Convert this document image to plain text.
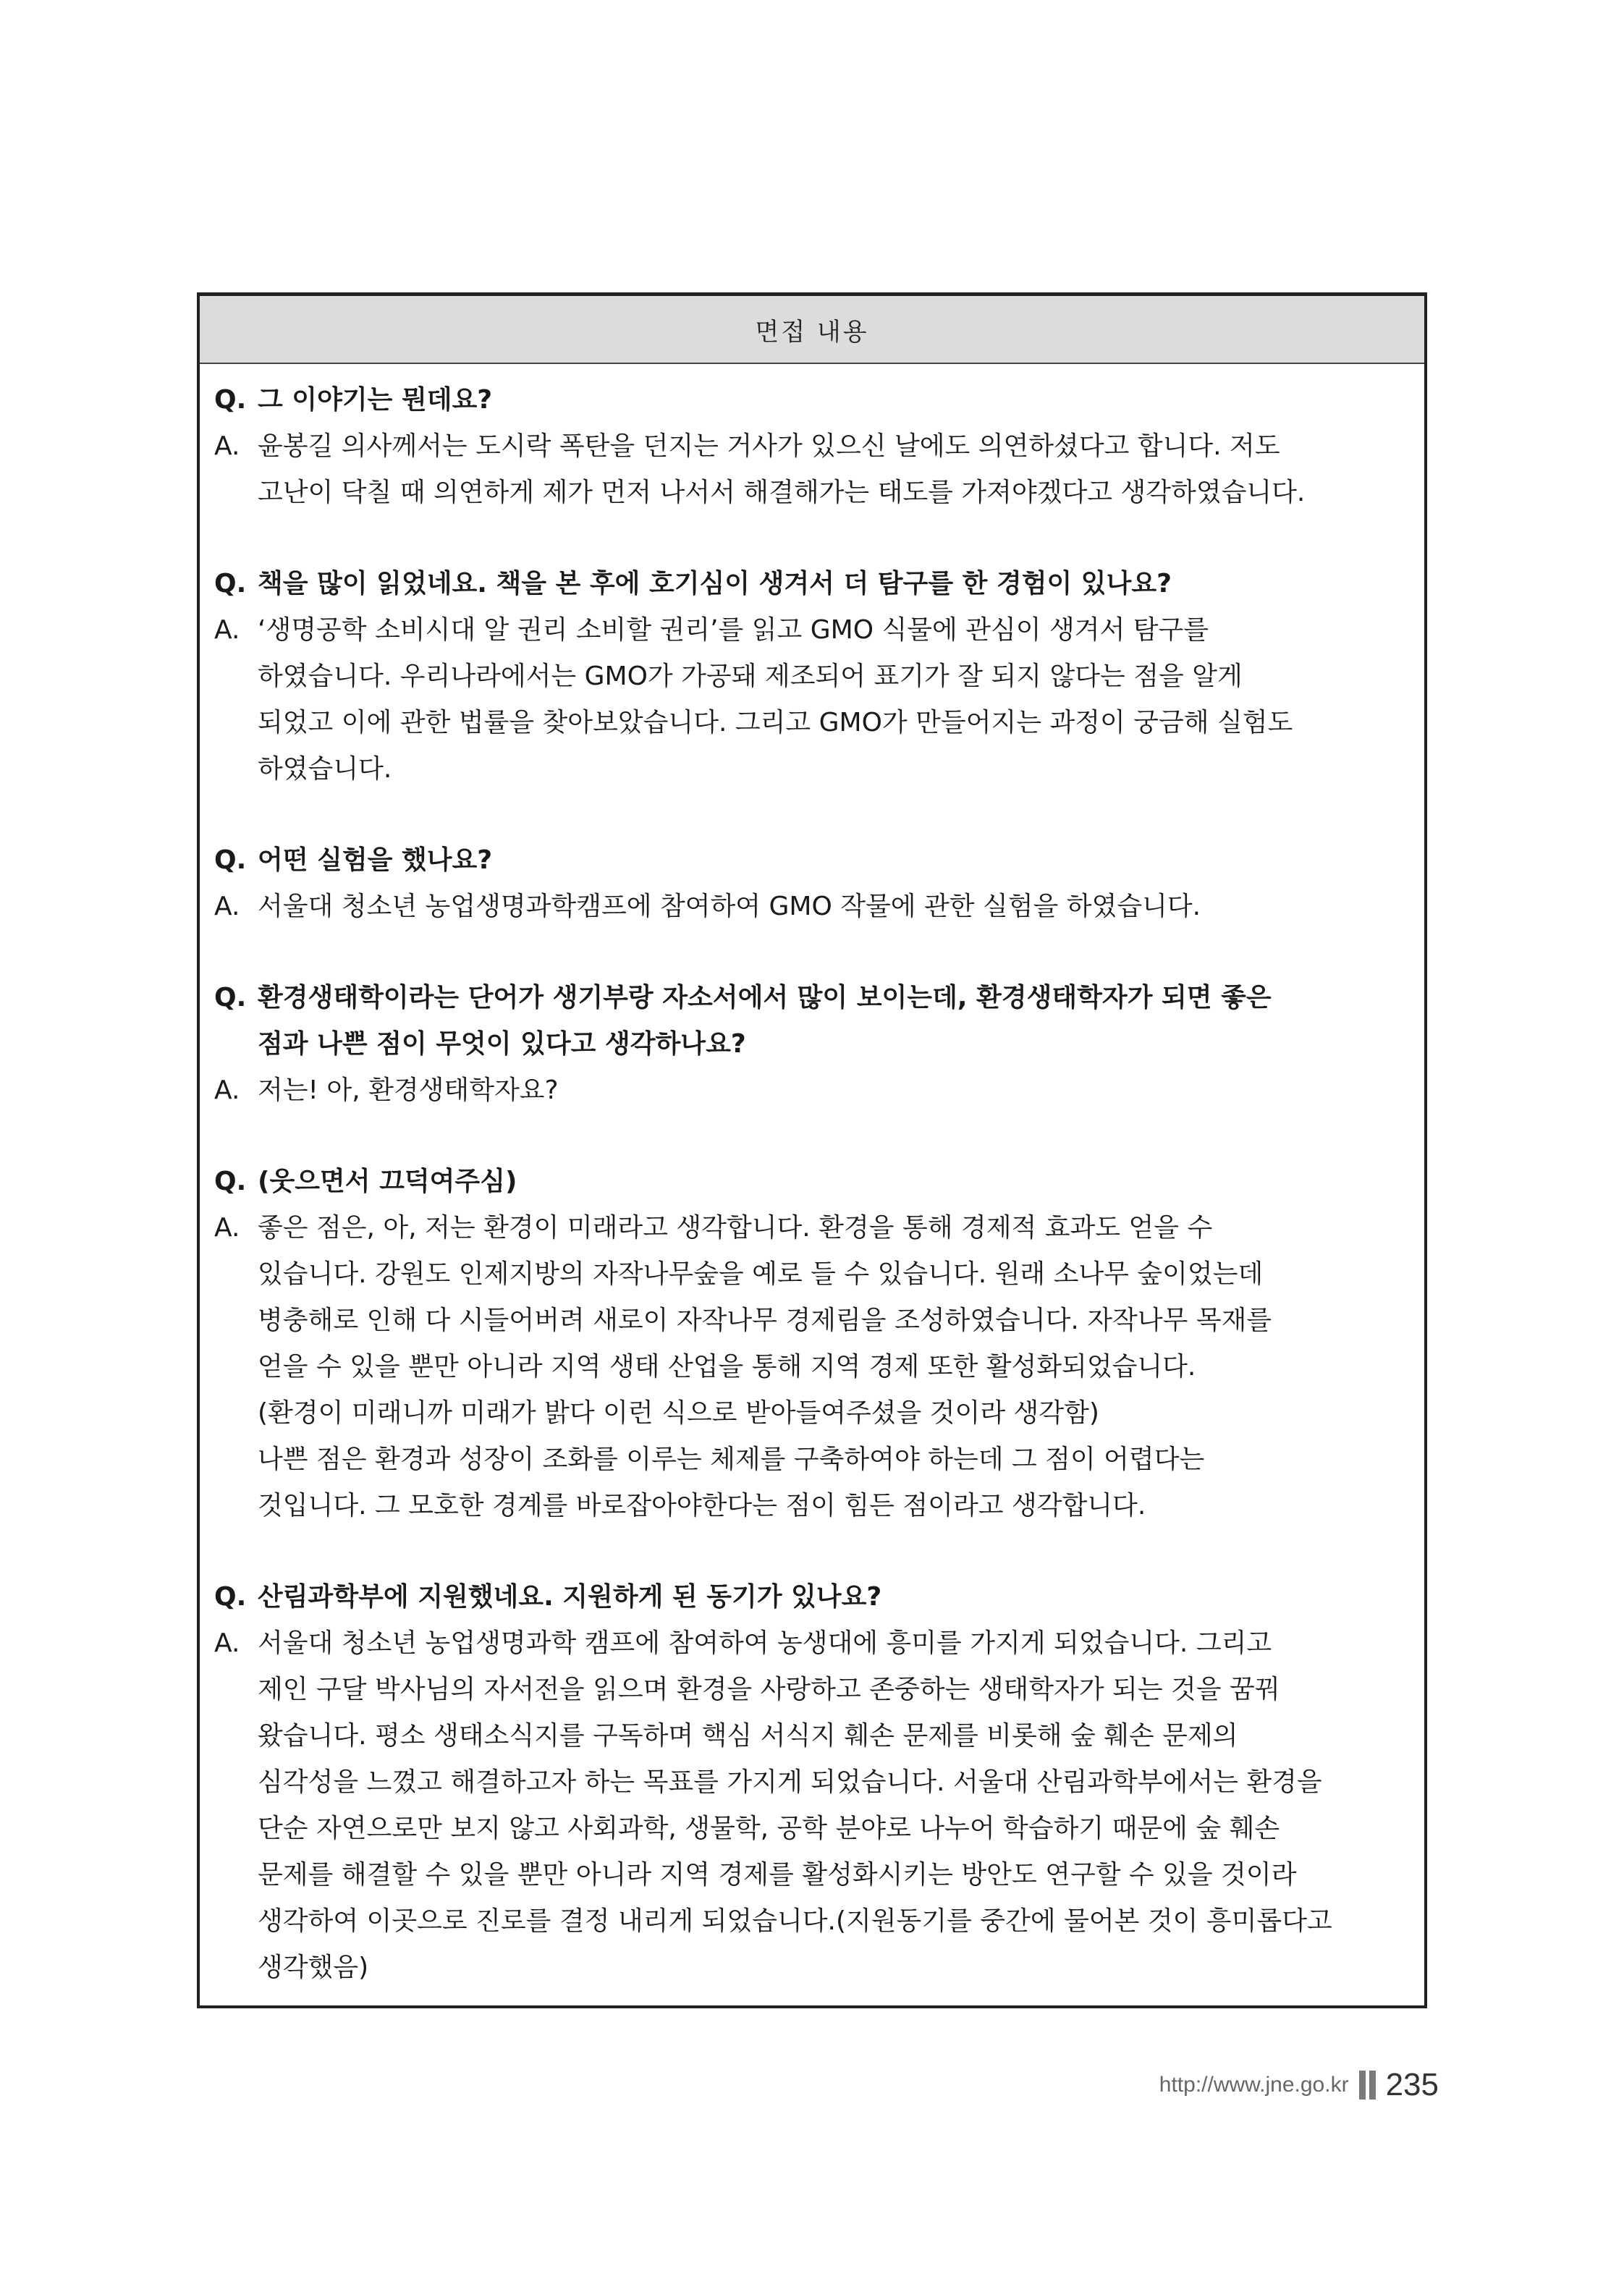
면접 내용
Q. 그 이야기는 뭔데요?
A. 윤봉길 의사께서는 도시락 폭탄을 던지는 거사가 있으신 날에도 의연하셨다고 합니다. 저도
고난이 닥칠 때 의연하게 제가 먼저 나서서 해결해가는 태도를 가져야겠다고 생각하였습니다.
Q. 책을 많이 읽었네요. 책을 본 후에 호기심이 생겨서 더 탐구를 한 경험이 있나요?
A. ‘생명공학 소비시대 알 권리 소비할 권리’를 읽고 GMO 식물에 관심이 생겨서 탐구를
하였습니다. 우리나라에서는 GMO가 가공돼 제조되어 표기가 잘 되지 않다는 점을 알게
되었고 이에 관한 법률을 찾아보았습니다. 그리고 GMO가 만들어지는 과정이 궁금해 실험도
하였습니다.
Q. 어떤 실험을 했나요?
A. 서울대 청소년 농업생명과학캠프에 참여하여 GMO 작물에 관한 실험을 하였습니다.
Q. 환경생태학이라는 단어가 생기부랑 자소서에서 많이 보이는데, 환경생태학자가 되면 좋은
점과 나쁜 점이 무엇이 있다고 생각하나요?
A. 저는! 아, 환경생태학자요?
Q. (웃으면서 끄덕여주심)
A. 좋은 점은, 아, 저는 환경이 미래라고 생각합니다. 환경을 통해 경제적 효과도 얻을 수
있습니다. 강원도 인제지방의 자작나무숲을 예로 들 수 있습니다. 원래 소나무 숲이었는데
병충해로 인해 다 시들어버려 새로이 자작나무 경제림을 조성하였습니다. 자작나무 목재를
얻을 수 있을 뿐만 아니라 지역 생태 산업을 통해 지역 경제 또한 활성화되었습니다.
(환경이 미래니까 미래가 밝다 이런 식으로 받아들여주셨을 것이라 생각함)
나쁜 점은 환경과 성장이 조화를 이루는 체제를 구축하여야 하는데 그 점이 어렵다는
것입니다. 그 모호한 경계를 바로잡아야한다는 점이 힘든 점이라고 생각합니다.
Q. 산림과학부에 지원했네요. 지원하게 된 동기가 있나요?
A. 서울대 청소년 농업생명과학 캠프에 참여하여 농생대에 흥미를 가지게 되었습니다. 그리고
제인 구달 박사님의 자서전을 읽으며 환경을 사랑하고 존중하는 생태학자가 되는 것을 꿈꿔
왔습니다. 평소 생태소식지를 구독하며 핵심 서식지 훼손 문제를 비롯해 숲 훼손 문제의
심각성을 느꼈고 해결하고자 하는 목표를 가지게 되었습니다. 서울대 산림과학부에서는 환경을
단순 자연으로만 보지 않고 사회과학, 생물학, 공학 분야로 나누어 학습하기 때문에 숲 훼손
문제를 해결할 수 있을 뿐만 아니라 지역 경제를 활성화시키는 방안도 연구할 수 있을 것이라
생각하여 이곳으로 진로를 결정 내리게 되었습니다.(지원동기를 중간에 물어본 것이 흥미롭다고
생각했음)
http://www.jne.go.kr 235
